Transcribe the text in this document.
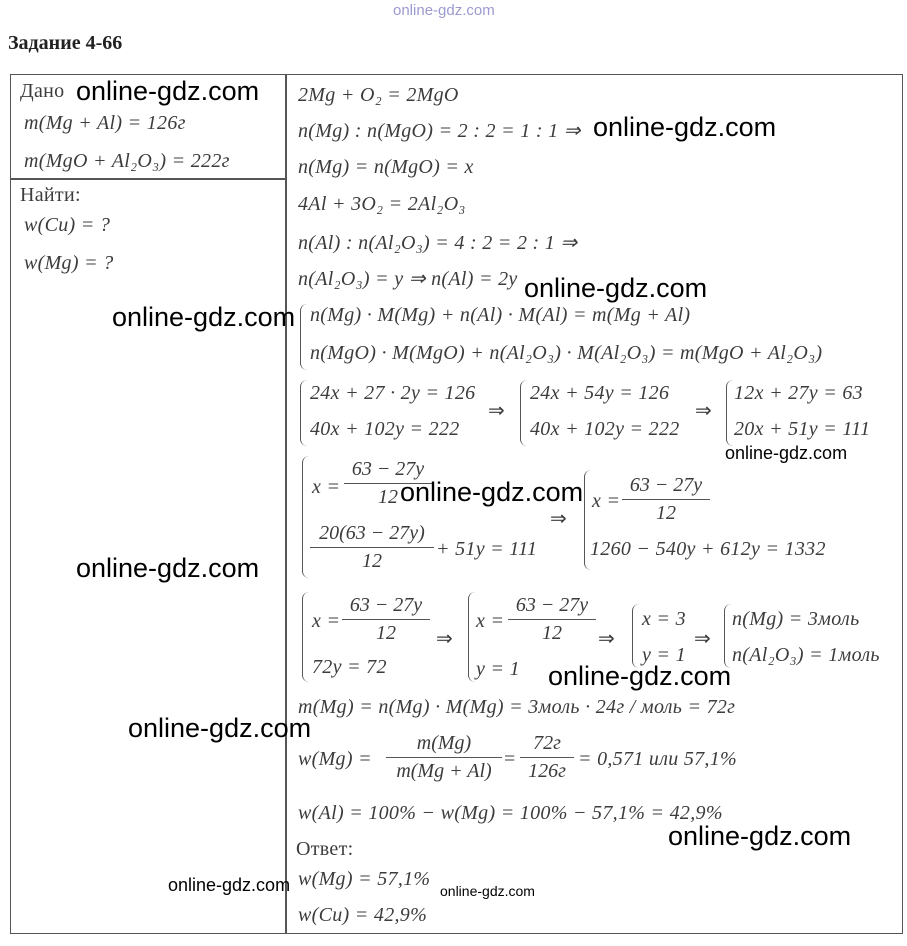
online-gdz.com
Задание 4-66
Дано
m(Mg + Al) = 126г
m(MgO + Al₂O₃) = 222г
Найти:
w(Cu) = ?
w(Mg) = ?
2Mg + O₂ = 2MgO
n(Mg) : n(MgO) = 2 : 2 = 1 : 1 ⇒
n(Mg) = n(MgO) = x
4Al + 3O₂ = 2Al₂O₃
n(Al) : n(Al₂O₃) = 4 : 2 = 2 : 1 ⇒
n(Al₂O₃) = y ⇒ n(Al) = 2y
n(Mg) · M(Mg) + n(Al) · M(Al) = m(Mg + Al)
n(MgO) · M(MgO) + n(Al₂O₃) · M(Al₂O₃) = m(MgO + Al₂O₃)
24x + 27 · 2y = 126
40x + 102y = 222
⇒
24x + 54y = 126
40x + 102y = 222
⇒
12x + 27y = 63
20x + 51y = 111
$x = \frac{63 - 27y}{12}$
$\frac{20(63 - 27y)}{12} + 51y = 111$
⇒
$x = \frac{63 - 27y}{12}$
1260 − 540y + 612y = 1332
$x = \frac{63 - 27y}{12}$
72y = 72
⇒
$x = \frac{63 - 27y}{12}$
y = 1
⇒
x = 3
y = 1
⇒
n(Mg) = 3моль
n(Al₂O₃) = 1моль
m(Mg) = n(Mg) · M(Mg) = 3моль · 24г / моль = 72г
$w(Mg) = \frac{m(Mg)}{m(Mg + Al)}$ =
72г
126г
= 0,571 или 57,1%
w(Al) = 100% − w(Mg) = 100% − 57,1% = 42,9%
Ответ:
w(Mg) = 57,1%
w(Cu) = 42,9%
online-gdz.com
online-gdz.com
online-gdz.com
online-gdz.com
online-gdz.com
online-gdz.com
online-gdz.com
online-gdz.com
online-gdz.com
online-gdz.com
online-gdz.com	online-gdz.com
